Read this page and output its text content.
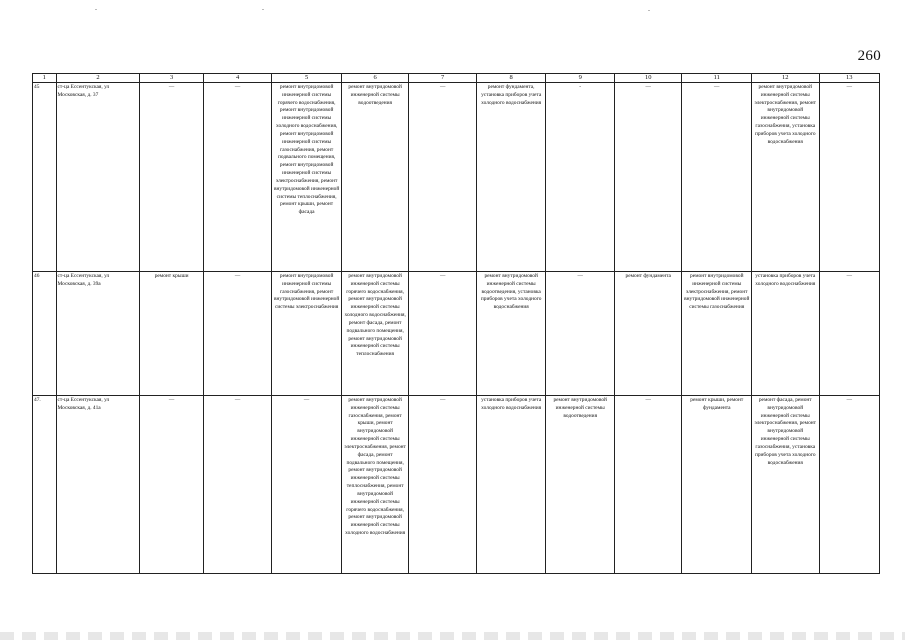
260
1	2	3	4	5	6	7	8	9	10	11	12	13
45	ст-ца Ессентукская, ул Московская, д. 37	—	—	ремонт внутридомовой инженерной системы горячего водоснабжения, ремонт внутридомовой инженерной системы холодного водоснабжения, ремонт внутридомовой инженерной системы газоснабжения, ремонт подвального помещения, ремонт внутридомовой инженерной системы электроснабжения, ремонт внутридомовой инженерной системы теплоснабжения, ремонт крыши, ремонт фасада	ремонт внутридомовой инженерной системы водоотведения	—	ремонт фундамента, установка приборов учета холодного водоснабжения	-	—	—	ремонт внутридомовой инженерной системы электроснабжения, ремонт внутридомовой инженерной системы газоснабжения, установка приборов учета холодного водоснабжения	—
46	ст-ца Ессентукская, ул Московская, д. 39а	ремонт крыши	—	ремонт внутридомовой инженерной системы газоснабжения, ремонт внутридомовой инженерной системы электроснабжения	ремонт внутридомовой инженерной системы горячего водоснабжения, ремонт внутридомовой инженерной системы холодного водоснабжения, ремонт фасада, ремонт подвального помещения, ремонт внутридомовой инженерной системы теплоснабжения	—	ремонт внутридомовой инженерной системы водоотведения, установка приборов учета холодного водоснабжения	—	ремонт фундамента	ремонт внутридомовой инженерной системы электроснабжения, ремонт внутридомовой инженерной системы газоснабжения	установка приборов учета холодного водоснабжения	—
47.	ст-ца Ессентукская, ул Московская, д. 41а	—	—	—	ремонт внутридомовой инженерной системы газоснабжения, ремонт крыши, ремонт внутридомовой инженерной системы электроснабжения, ремонт фасада, ремонт подвального помещения, ремонт внутридомовой инженерной системы теплоснабжения, ремонт внутридомовой инженерной системы горячего водоснабжения, ремонт внутридомовой инженерной системы холодного водоснабжения	—	установка приборов учета холодного водоснабжения	ремонт внутридомовой инженерной системы водоотведения	—	ремонт крыши, ремонт фундамента	ремонт фасада, ремонт внутридомовой инженерной системы электроснабжения, ремонт внутридомовой инженерной системы газоснабжения, установка приборов учета холодного водоснабжения	—
